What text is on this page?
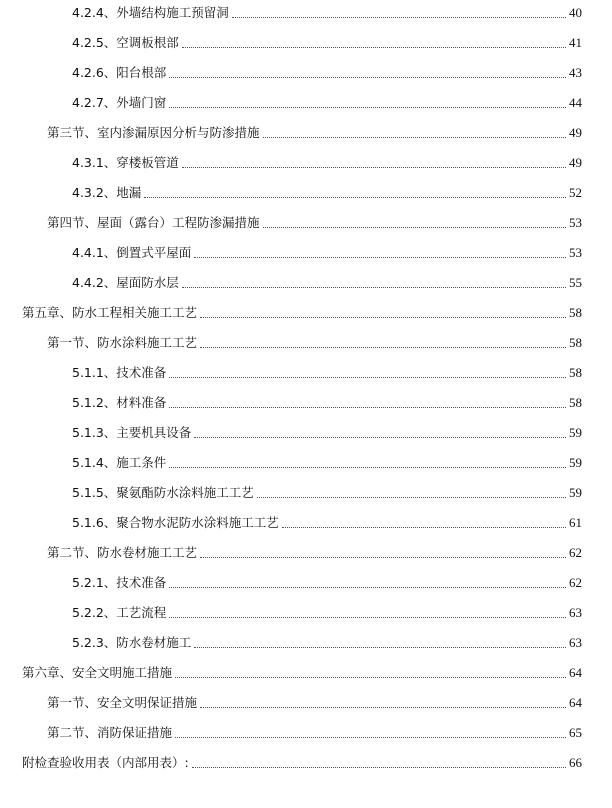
4.2.4、外墙结构施工预留洞	40
4.2.5、空调板根部	41
4.2.6、阳台根部	43
4.2.7、外墙门窗	44
第三节、室内渗漏原因分析与防渗措施	49
4.3.1、穿楼板管道	49
4.3.2、地漏	52
第四节、屋面（露台）工程防渗漏措施	53
4.4.1、倒置式平屋面	53
4.4.2、屋面防水层	55
第五章、防水工程相关施工工艺	58
第一节、防水涂料施工工艺	58
5.1.1、技术准备	58
5.1.2、材料准备	58
5.1.3、主要机具设备	59
5.1.4、施工条件	59
5.1.5、聚氨酯防水涂料施工工艺	59
5.1.6、聚合物水泥防水涂料施工工艺	61
第二节、防水卷材施工工艺	62
5.2.1、技术准备	62
5.2.2、工艺流程	63
5.2.3、防水卷材施工	63
第六章、安全文明施工措施	64
第一节、安全文明保证措施	64
第二节、消防保证措施	65
附检查验收用表（内部用表）:	66
